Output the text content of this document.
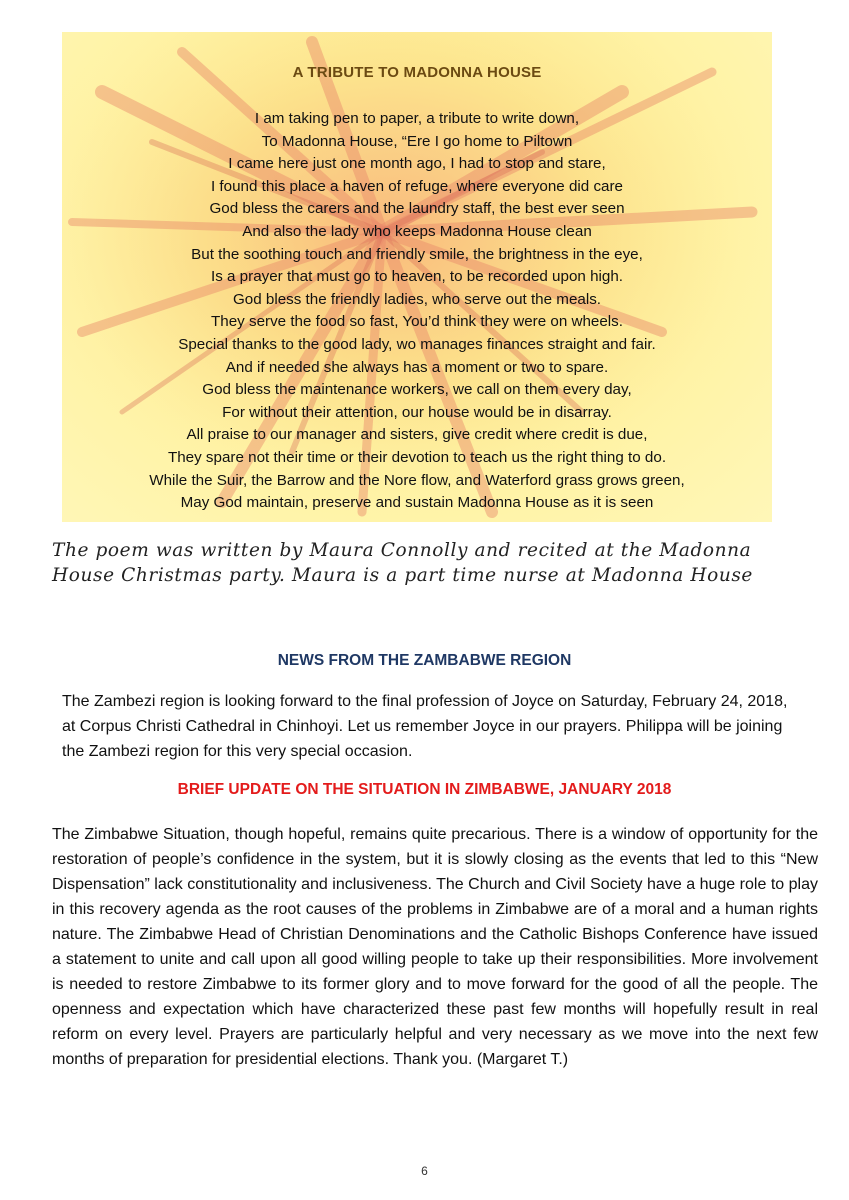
A TRIBUTE TO MADONNA HOUSE
I am taking pen to paper, a tribute to write down,
To Madonna House, “Ere I go home to Piltown
I came here just one month ago, I had to stop and stare,
I found this place a haven of refuge, where everyone did care
God bless the carers and the laundry staff, the best ever seen
And also the lady who keeps Madonna House clean
But the soothing touch and friendly smile, the brightness in the eye,
Is a prayer that must go to heaven, to be recorded upon high.
God bless the friendly ladies, who serve out the meals.
They serve the food so fast, You’d think they were on wheels.
Special thanks to the good lady, wo manages finances straight and fair.
And if needed she always has a moment or two to spare.
God bless the maintenance workers, we call on them every day,
For without their attention, our house would be in disarray.
All praise to our manager and sisters, give credit where credit is due,
They spare not their time or their devotion to teach us the right thing to do.
While the Suir, the Barrow and the Nore flow, and Waterford grass grows green,
May God maintain, preserve and sustain Madonna House as it is seen
The poem was written by Maura Connolly and recited at the Madonna House Christmas party. Maura is a part time nurse at Madonna House
NEWS FROM THE ZAMBABWE REGION
The Zambezi region is looking forward to the final profession of Joyce on Saturday, February 24, 2018, at Corpus Christi Cathedral in Chinhoyi. Let us remember Joyce in our prayers. Philippa will be joining the Zambezi region for this very special occasion.
BRIEF UPDATE ON THE SITUATION IN ZIMBABWE, JANUARY 2018
The Zimbabwe Situation, though hopeful, remains quite precarious. There is a window of opportunity for the restoration of people’s confidence in the system, but it is slowly closing as the events that led to this “New Dispensation” lack constitutionality and inclusiveness. The Church and Civil Society have a huge role to play in this recovery agenda as the root causes of the problems in Zimbabwe are of a moral and a human rights nature. The Zimbabwe Head of Christian Denominations and the Catholic Bishops Conference have issued a statement to unite and call upon all good willing people to take up their responsibilities. More involvement is needed to restore Zimbabwe to its former glory and to move forward for the good of all the people. The openness and expectation which have characterized these past few months will hopefully result in real reform on every level. Prayers are particularly helpful and very necessary as we move into the next few months of preparation for presidential elections. Thank you. (Margaret T.)
6
